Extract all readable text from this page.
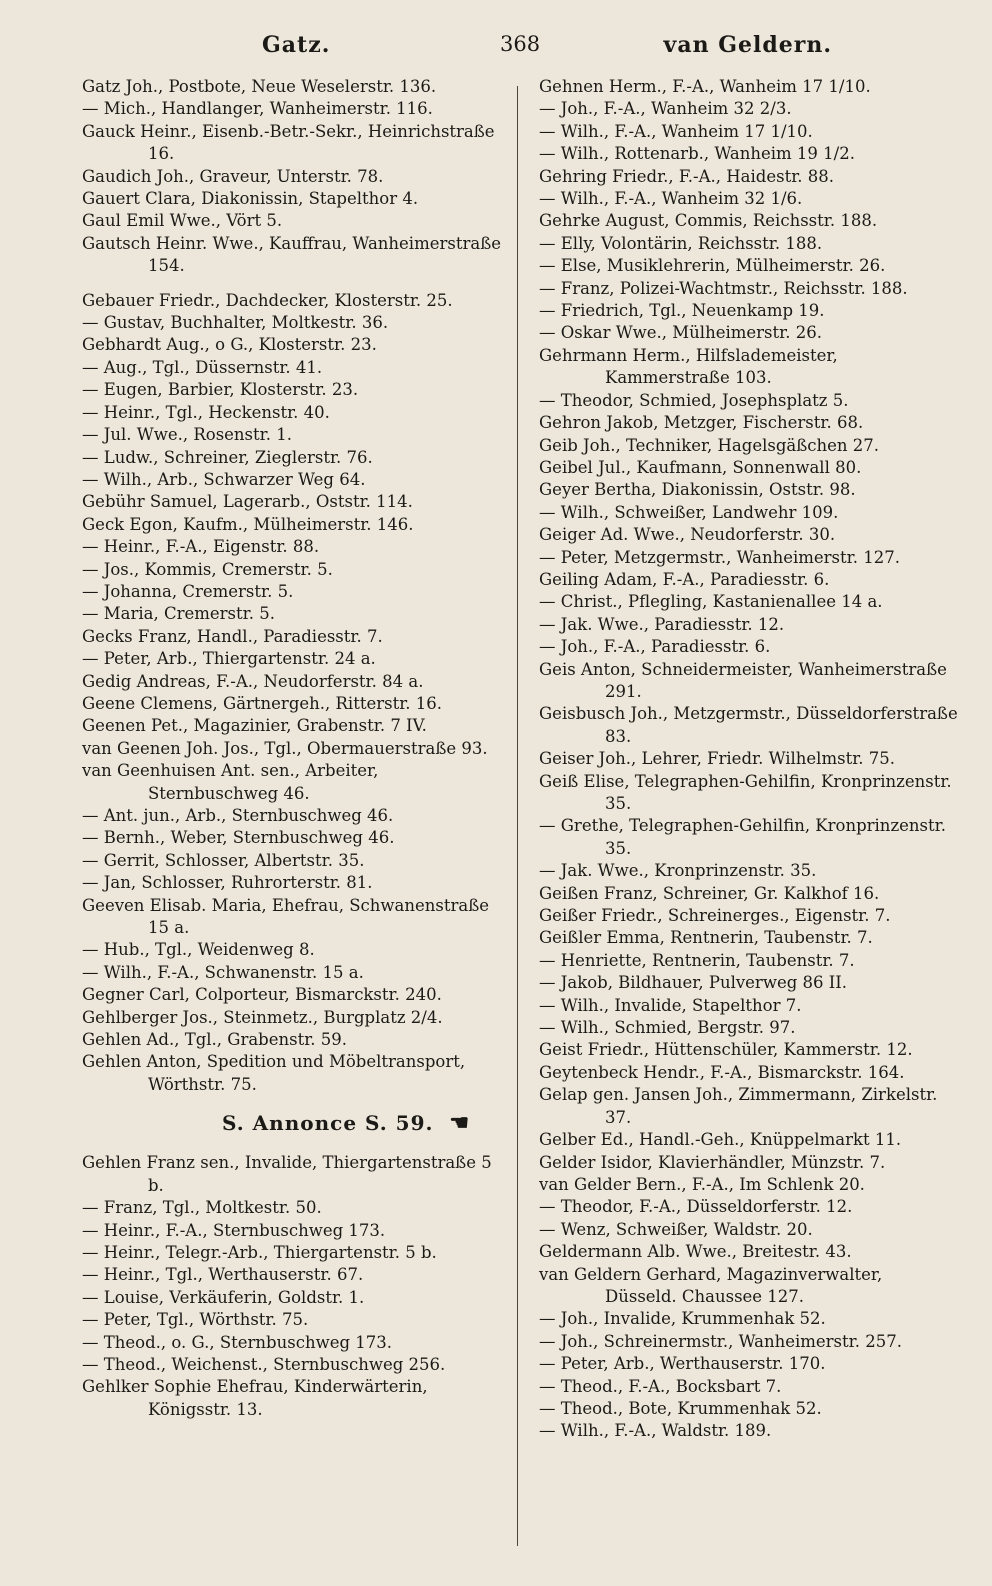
Gatz.	368	van Geldern.
Gatz Joh., Postbote, Neue Weselerstr. 136.
— Mich., Handlanger, Wanheimerstr. 116.
Gauck Heinr., Eisenb.-Betr.-Sekr., Heinrichstraße 16.
Gaudich Joh., Graveur, Unterstr. 78.
Gauert Clara, Diakonissin, Stapelthor 4.
Gaul Emil Wwe., Vört 5.
Gautsch Heinr. Wwe., Kauffrau, Wanheimerstraße 154.
Gebauer Friedr., Dachdecker, Klosterstr. 25.
— Gustav, Buchhalter, Moltkestr. 36.
Gebhardt Aug., o G., Klosterstr. 23.
— Aug., Tgl., Düssernstr. 41.
— Eugen, Barbier, Klosterstr. 23.
— Heinr., Tgl., Heckenstr. 40.
— Jul. Wwe., Rosenstr. 1.
— Ludw., Schreiner, Zieglerstr. 76.
— Wilh., Arb., Schwarzer Weg 64.
Gebühr Samuel, Lagerarb., Oststr. 114.
Geck Egon, Kaufm., Mülheimerstr. 146.
— Heinr., F.-A., Eigenstr. 88.
— Jos., Kommis, Cremerstr. 5.
— Johanna, Cremerstr. 5.
— Maria, Cremerstr. 5.
Gecks Franz, Handl., Paradiesstr. 7.
— Peter, Arb., Thiergartenstr. 24 a.
Gedig Andreas, F.-A., Neudorferstr. 84 a.
Geene Clemens, Gärtnergeh., Ritterstr. 16.
Geenen Pet., Magazinier, Grabenstr. 7 IV.
van Geenen Joh. Jos., Tgl., Obermauerstraße 93.
van Geenhuisen Ant. sen., Arbeiter, Sternbuschweg 46.
— Ant. jun., Arb., Sternbuschweg 46.
— Bernh., Weber, Sternbuschweg 46.
— Gerrit, Schlosser, Albertstr. 35.
— Jan, Schlosser, Ruhrorterstr. 81.
Geeven Elisab. Maria, Ehefrau, Schwanenstraße 15 a.
— Hub., Tgl., Weidenweg 8.
— Wilh., F.-A., Schwanenstr. 15 a.
Gegner Carl, Colporteur, Bismarckstr. 240.
Gehlberger Jos., Steinmetz., Burgplatz 2/4.
Gehlen Ad., Tgl., Grabenstr. 59.
Gehlen Anton, Spedition und Möbeltransport, Wörthstr. 75.
S. Annonce S. 59. ☚
Gehlen Franz sen., Invalide, Thiergartenstraße 5 b.
— Franz, Tgl., Moltkestr. 50.
— Heinr., F.-A., Sternbuschweg 173.
— Heinr., Telegr.-Arb., Thiergartenstr. 5 b.
— Heinr., Tgl., Werthauserstr. 67.
— Louise, Verkäuferin, Goldstr. 1.
— Peter, Tgl., Wörthstr. 75.
— Theod., o. G., Sternbuschweg 173.
— Theod., Weichenst., Sternbuschweg 256.
Gehlker Sophie Ehefrau, Kinderwärterin, Königsstr. 13.
Gehnen Herm., F.-A., Wanheim 17 1/10.
— Joh., F.-A., Wanheim 32 2/3.
— Wilh., F.-A., Wanheim 17 1/10.
— Wilh., Rottenarb., Wanheim 19 1/2.
Gehring Friedr., F.-A., Haidestr. 88.
— Wilh., F.-A., Wanheim 32 1/6.
Gehrke August, Commis, Reichsstr. 188.
— Elly, Volontärin, Reichsstr. 188.
— Else, Musiklehrerin, Mülheimerstr. 26.
— Franz, Polizei-Wachtmstr., Reichsstr. 188.
— Friedrich, Tgl., Neuenkamp 19.
— Oskar Wwe., Mülheimerstr. 26.
Gehrmann Herm., Hilfslademeister, Kammerstraße 103.
— Theodor, Schmied, Josephsplatz 5.
Gehron Jakob, Metzger, Fischerstr. 68.
Geib Joh., Techniker, Hagelsgäßchen 27.
Geibel Jul., Kaufmann, Sonnenwall 80.
Geyer Bertha, Diakonissin, Oststr. 98.
— Wilh., Schweißer, Landwehr 109.
Geiger Ad. Wwe., Neudorferstr. 30.
— Peter, Metzgermstr., Wanheimerstr. 127.
Geiling Adam, F.-A., Paradiesstr. 6.
— Christ., Pflegling, Kastanienallee 14 a.
— Jak. Wwe., Paradiesstr. 12.
— Joh., F.-A., Paradiesstr. 6.
Geis Anton, Schneidermeister, Wanheimerstraße 291.
Geisbusch Joh., Metzgermstr., Düsseldorferstraße 83.
Geiser Joh., Lehrer, Friedr. Wilhelmstr. 75.
Geiß Elise, Telegraphen-Gehilfin, Kronprinzenstr. 35.
— Grethe, Telegraphen-Gehilfin, Kronprinzenstr. 35.
— Jak. Wwe., Kronprinzenstr. 35.
Geißen Franz, Schreiner, Gr. Kalkhof 16.
Geißer Friedr., Schreinerges., Eigenstr. 7.
Geißler Emma, Rentnerin, Taubenstr. 7.
— Henriette, Rentnerin, Taubenstr. 7.
— Jakob, Bildhauer, Pulverweg 86 II.
— Wilh., Invalide, Stapelthor 7.
— Wilh., Schmied, Bergstr. 97.
Geist Friedr., Hüttenschüler, Kammerstr. 12.
Geytenbeck Hendr., F.-A., Bismarckstr. 164.
Gelap gen. Jansen Joh., Zimmermann, Zirkelstr. 37.
Gelber Ed., Handl.-Geh., Knüppelmarkt 11.
Gelder Isidor, Klavierhändler, Münzstr. 7.
van Gelder Bern., F.-A., Im Schlenk 20.
— Theodor, F.-A., Düsseldorferstr. 12.
— Wenz, Schweißer, Waldstr. 20.
Geldermann Alb. Wwe., Breitestr. 43.
van Geldern Gerhard, Magazinverwalter, Düsseld. Chaussee 127.
— Joh., Invalide, Krummenhak 52.
— Joh., Schreinermstr., Wanheimerstr. 257.
— Peter, Arb., Werthauserstr. 170.
— Theod., F.-A., Bocksbart 7.
— Theod., Bote, Krummenhak 52.
— Wilh., F.-A., Waldstr. 189.
